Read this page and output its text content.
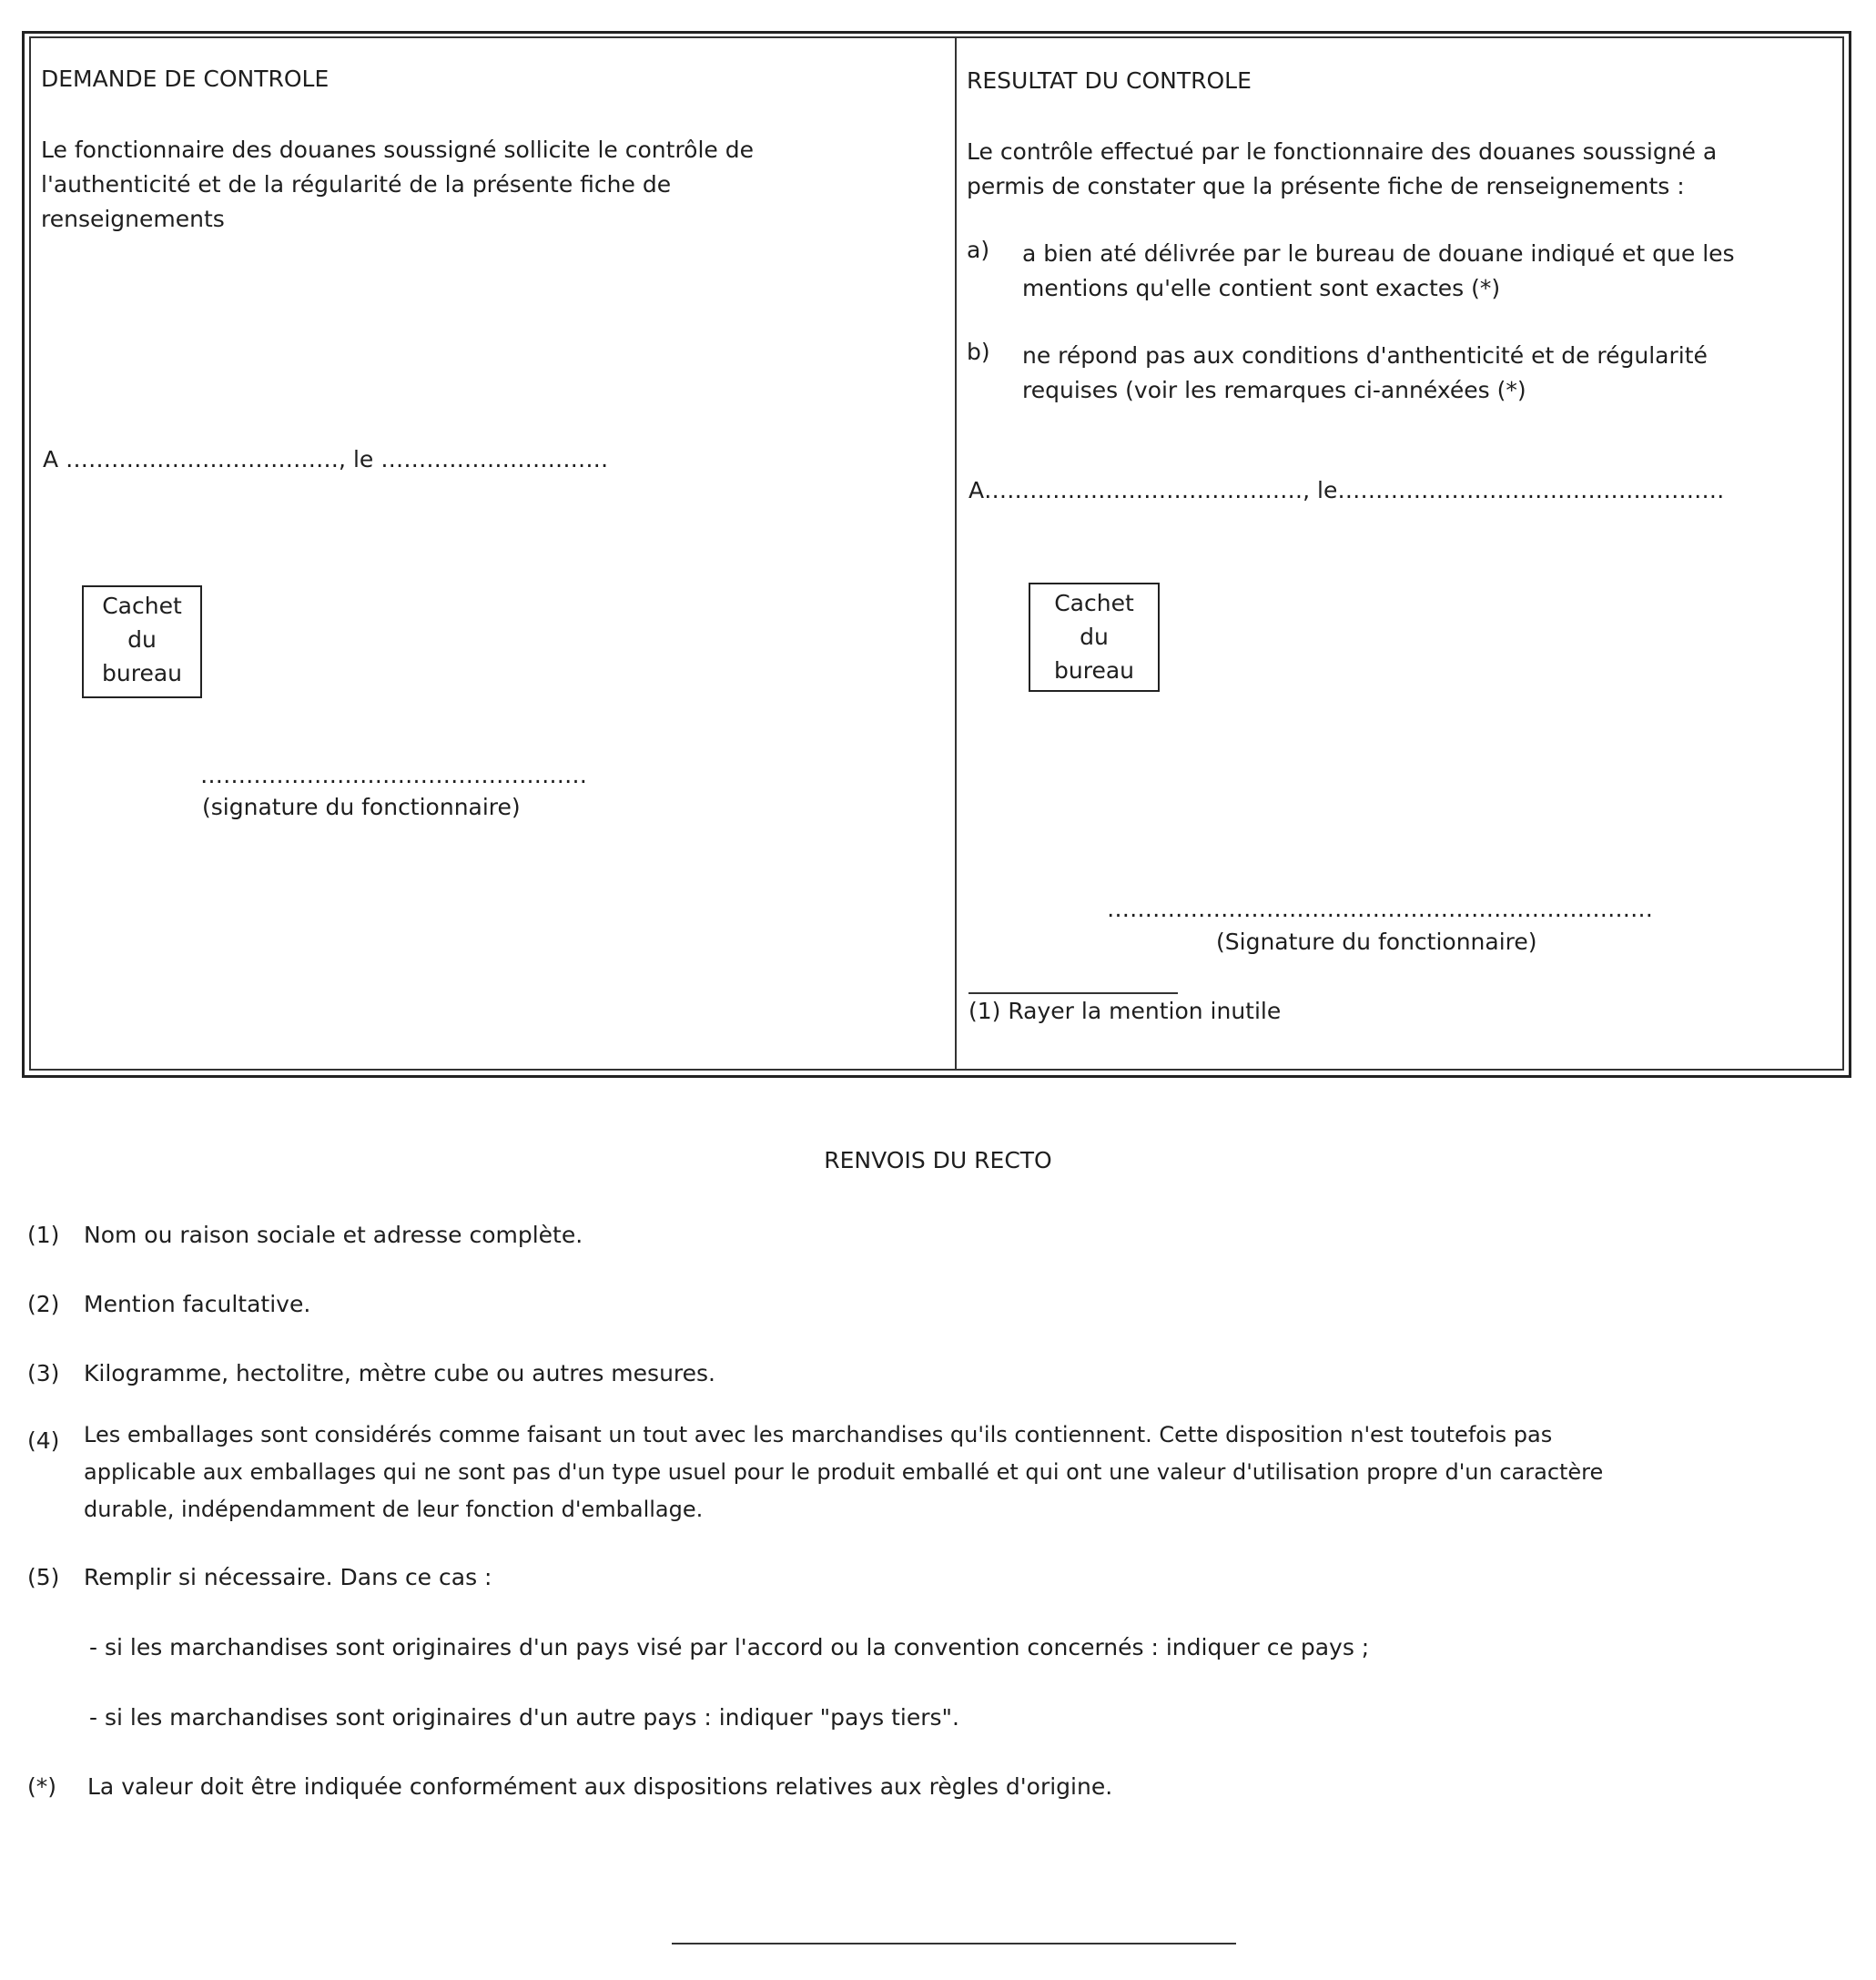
DEMANDE DE CONTROLE
Le fonctionnaire des douanes soussigné sollicite le contrôle de
l'authenticité et de la régularité de la présente fiche de
renseignements
A ………………………………, le …………………………
Cachet
du
bureau
……………………………………………
(signature du fonctionnaire)
RESULTAT DU CONTROLE
Le contrôle effectué par le fonctionnaire des douanes soussigné a
permis de constater que la présente fiche de renseignements :
a) a bien até délivrée par le bureau de douane indiqué et que les
mentions qu'elle contient sont exactes (*)
b) ne répond pas aux conditions d'anthenticité et de régularité
requises (voir les remarques ci-annéxées (*)
A……………………………………, le……………………………………………
Cachet
du
bureau
………………………………………………………………
(Signature du fonctionnaire)
(1) Rayer la mention inutile
RENVOIS DU RECTO
(1) Nom ou raison sociale et adresse complète.
(2) Mention facultative.
(3) Kilogramme, hectolitre, mètre cube ou autres mesures.
(4) Les emballages sont considérés comme faisant un tout avec les marchandises qu'ils contiennent. Cette disposition n'est toutefois pas
applicable aux emballages qui ne sont pas d'un type usuel pour le produit emballé et qui ont une valeur d'utilisation propre d'un caractère
durable, indépendamment de leur fonction d'emballage.
(5) Remplir si nécessaire. Dans ce cas :
- si les marchandises sont originaires d'un pays visé par l'accord ou la convention concernés : indiquer ce pays ;
- si les marchandises sont originaires d'un autre pays : indiquer "pays tiers".
(*) La valeur doit être indiquée conformément aux dispositions relatives aux règles d'origine.
